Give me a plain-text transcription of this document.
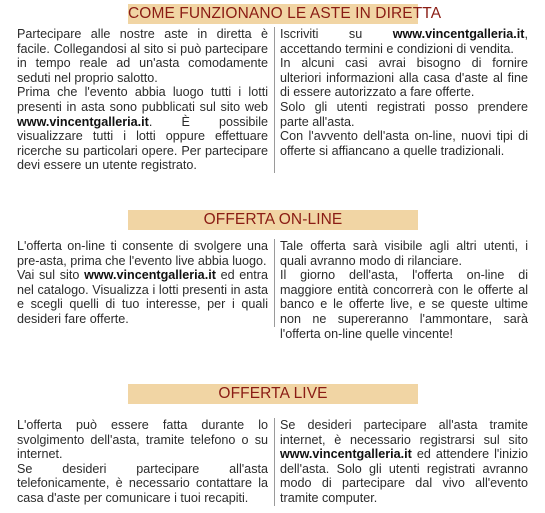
COME FUNZIONANO LE ASTE IN DIRETTA

Partecipare alle nostre aste in diretta è facile. Collegandosi al sito si può partecipare in tempo reale ad un'asta comodamente seduti nel proprio salotto.

Prima che l'evento abbia luogo tutti i lotti presenti in asta sono pubblicati sul sito web www.vincentgalleria.it. È possibile visualizzare tutti i lotti oppure effettuare ricerche su particolari opere. Per partecipare devi essere un utente registrato.

Iscriviti su www.vincentgalleria.it, accettando termini e condizioni di vendita.

In alcuni casi avrai bisogno di fornire ulteriori informazioni alla casa d'aste al fine di essere autorizzato a fare offerte.

Solo gli utenti registrati posso prendere parte all'asta.

Con l'avvento dell'asta on-line, nuovi tipi di offerte si affiancano a quelle tradizionali.

OFFERTA ON-LINE

L'offerta on-line ti consente di svolgere una pre-asta, prima che l'evento live abbia luogo.

Vai sul sito www.vincentgalleria.it ed entra nel catalogo. Visualizza i lotti presenti in asta e scegli quelli di tuo interesse, per i quali desideri fare offerte.

Tale offerta sarà visibile agli altri utenti, i quali avranno modo di rilanciare.

Il giorno dell'asta, l'offerta on-line di maggiore entità concorrerà con le offerte al banco e le offerte live, e se queste ultime non ne supereranno l'ammontare, sarà l'offerta on-line quelle vincente!

OFFERTA LIVE

L'offerta può essere fatta durante lo svolgimento dell'asta, tramite telefono o su internet.

Se desideri partecipare all'asta telefonicamente, è necessario contattare la casa d'aste per comunicare i tuoi recapiti.

Se desideri partecipare all'asta tramite internet, è necessario registrarsi sul sito www.vincentgalleria.it ed attendere l'inizio dell'asta. Solo gli utenti registrati avranno modo di partecipare dal vivo all'evento tramite computer.
